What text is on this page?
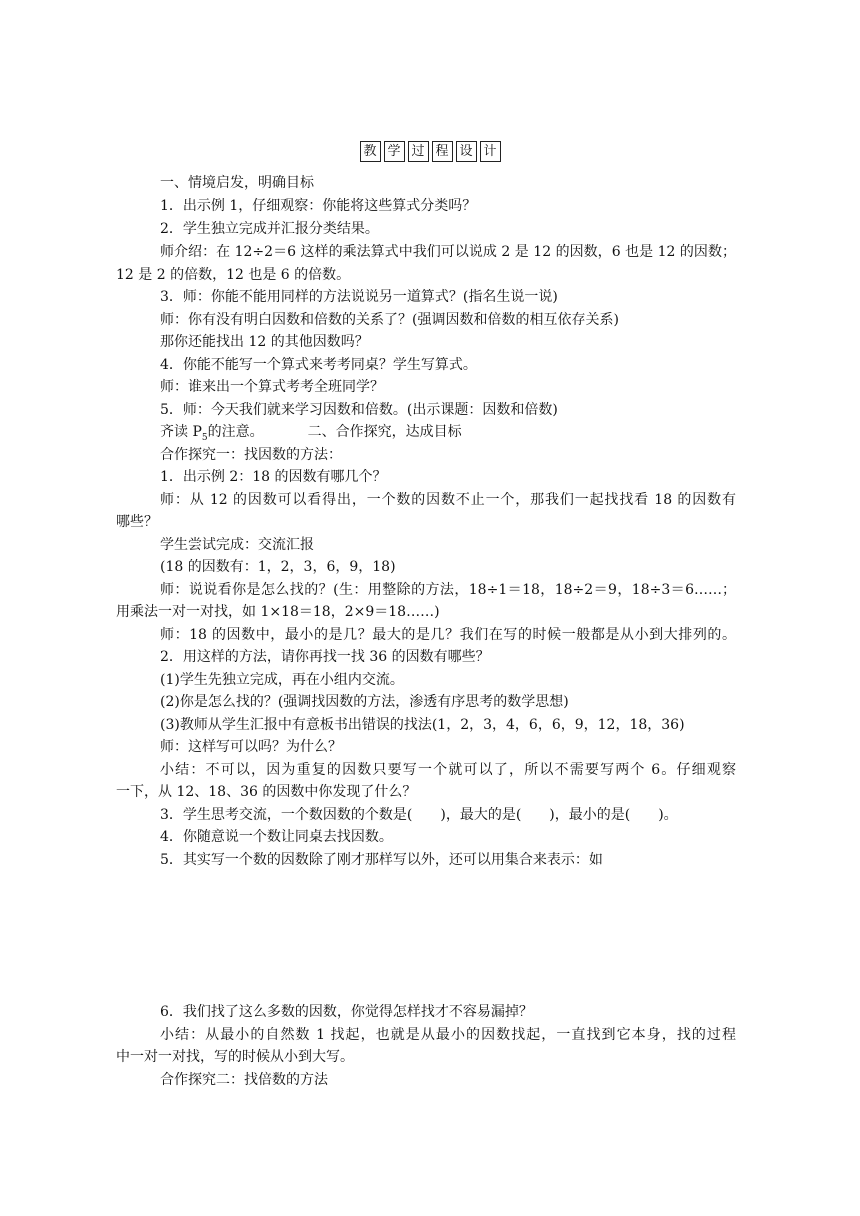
教 学 过 程 设 计
一、情境启发，明确目标
1．出示例 1，仔细观察：你能将这些算式分类吗？
2．学生独立完成并汇报分类结果。
师介绍：在 12÷2＝6 这样的乘法算式中我们可以说成 2 是 12 的因数，6 也是 12 的因数；
12 是 2 的倍数，12 也是 6 的倍数。
3．师：你能不能用同样的方法说说另一道算式？(指名生说一说)
师：你有没有明白因数和倍数的关系了？(强调因数和倍数的相互依存关系)
那你还能找出 12 的其他因数吗？
4．你能不能写一个算式来考考同桌？学生写算式。
师：谁来出一个算式考考全班同学？
5．师：今天我们就来学习因数和倍数。(出示课题：因数和倍数)
齐读 $P_5$的注意。	二、合作探究，达成目标
合作探究一：找因数的方法：
1．出示例 2：18 的因数有哪几个？
师：从 12 的因数可以看得出，一个数的因数不止一个，那我们一起找找看 18 的因数有
哪些？
学生尝试完成：交流汇报
(18 的因数有：1，2，3，6，9，18)
师：说说看你是怎么找的？(生：用整除的方法，18÷1＝18，18÷2＝9，18÷3＝6……；
用乘法一对一对找，如 1×18＝18，2×9＝18……)
师：18 的因数中，最小的是几？最大的是几？我们在写的时候一般都是从小到大排列的。
2．用这样的方法，请你再找一找 36 的因数有哪些？
(1)学生先独立完成，再在小组内交流。
(2)你是怎么找的？(强调找因数的方法，渗透有序思考的数学思想)
(3)教师从学生汇报中有意板书出错误的找法(1，2，3，4，6，6，9，12，18，36)
师：这样写可以吗？为什么？
小结：不可以，因为重复的因数只要写一个就可以了，所以不需要写两个 6。仔细观察
一下，从 12、18、36 的因数中你发现了什么？
3．学生思考交流，一个数因数的个数是(　　)，最大的是(　　)，最小的是(　　)。
4．你随意说一个数让同桌去找因数。
5．其实写一个数的因数除了刚才那样写以外，还可以用集合来表示：如
6．我们找了这么多数的因数，你觉得怎样找才不容易漏掉？
小结：从最小的自然数 1 找起，也就是从最小的因数找起，一直找到它本身，找的过程
中一对一对找，写的时候从小到大写。
合作探究二：找倍数的方法
